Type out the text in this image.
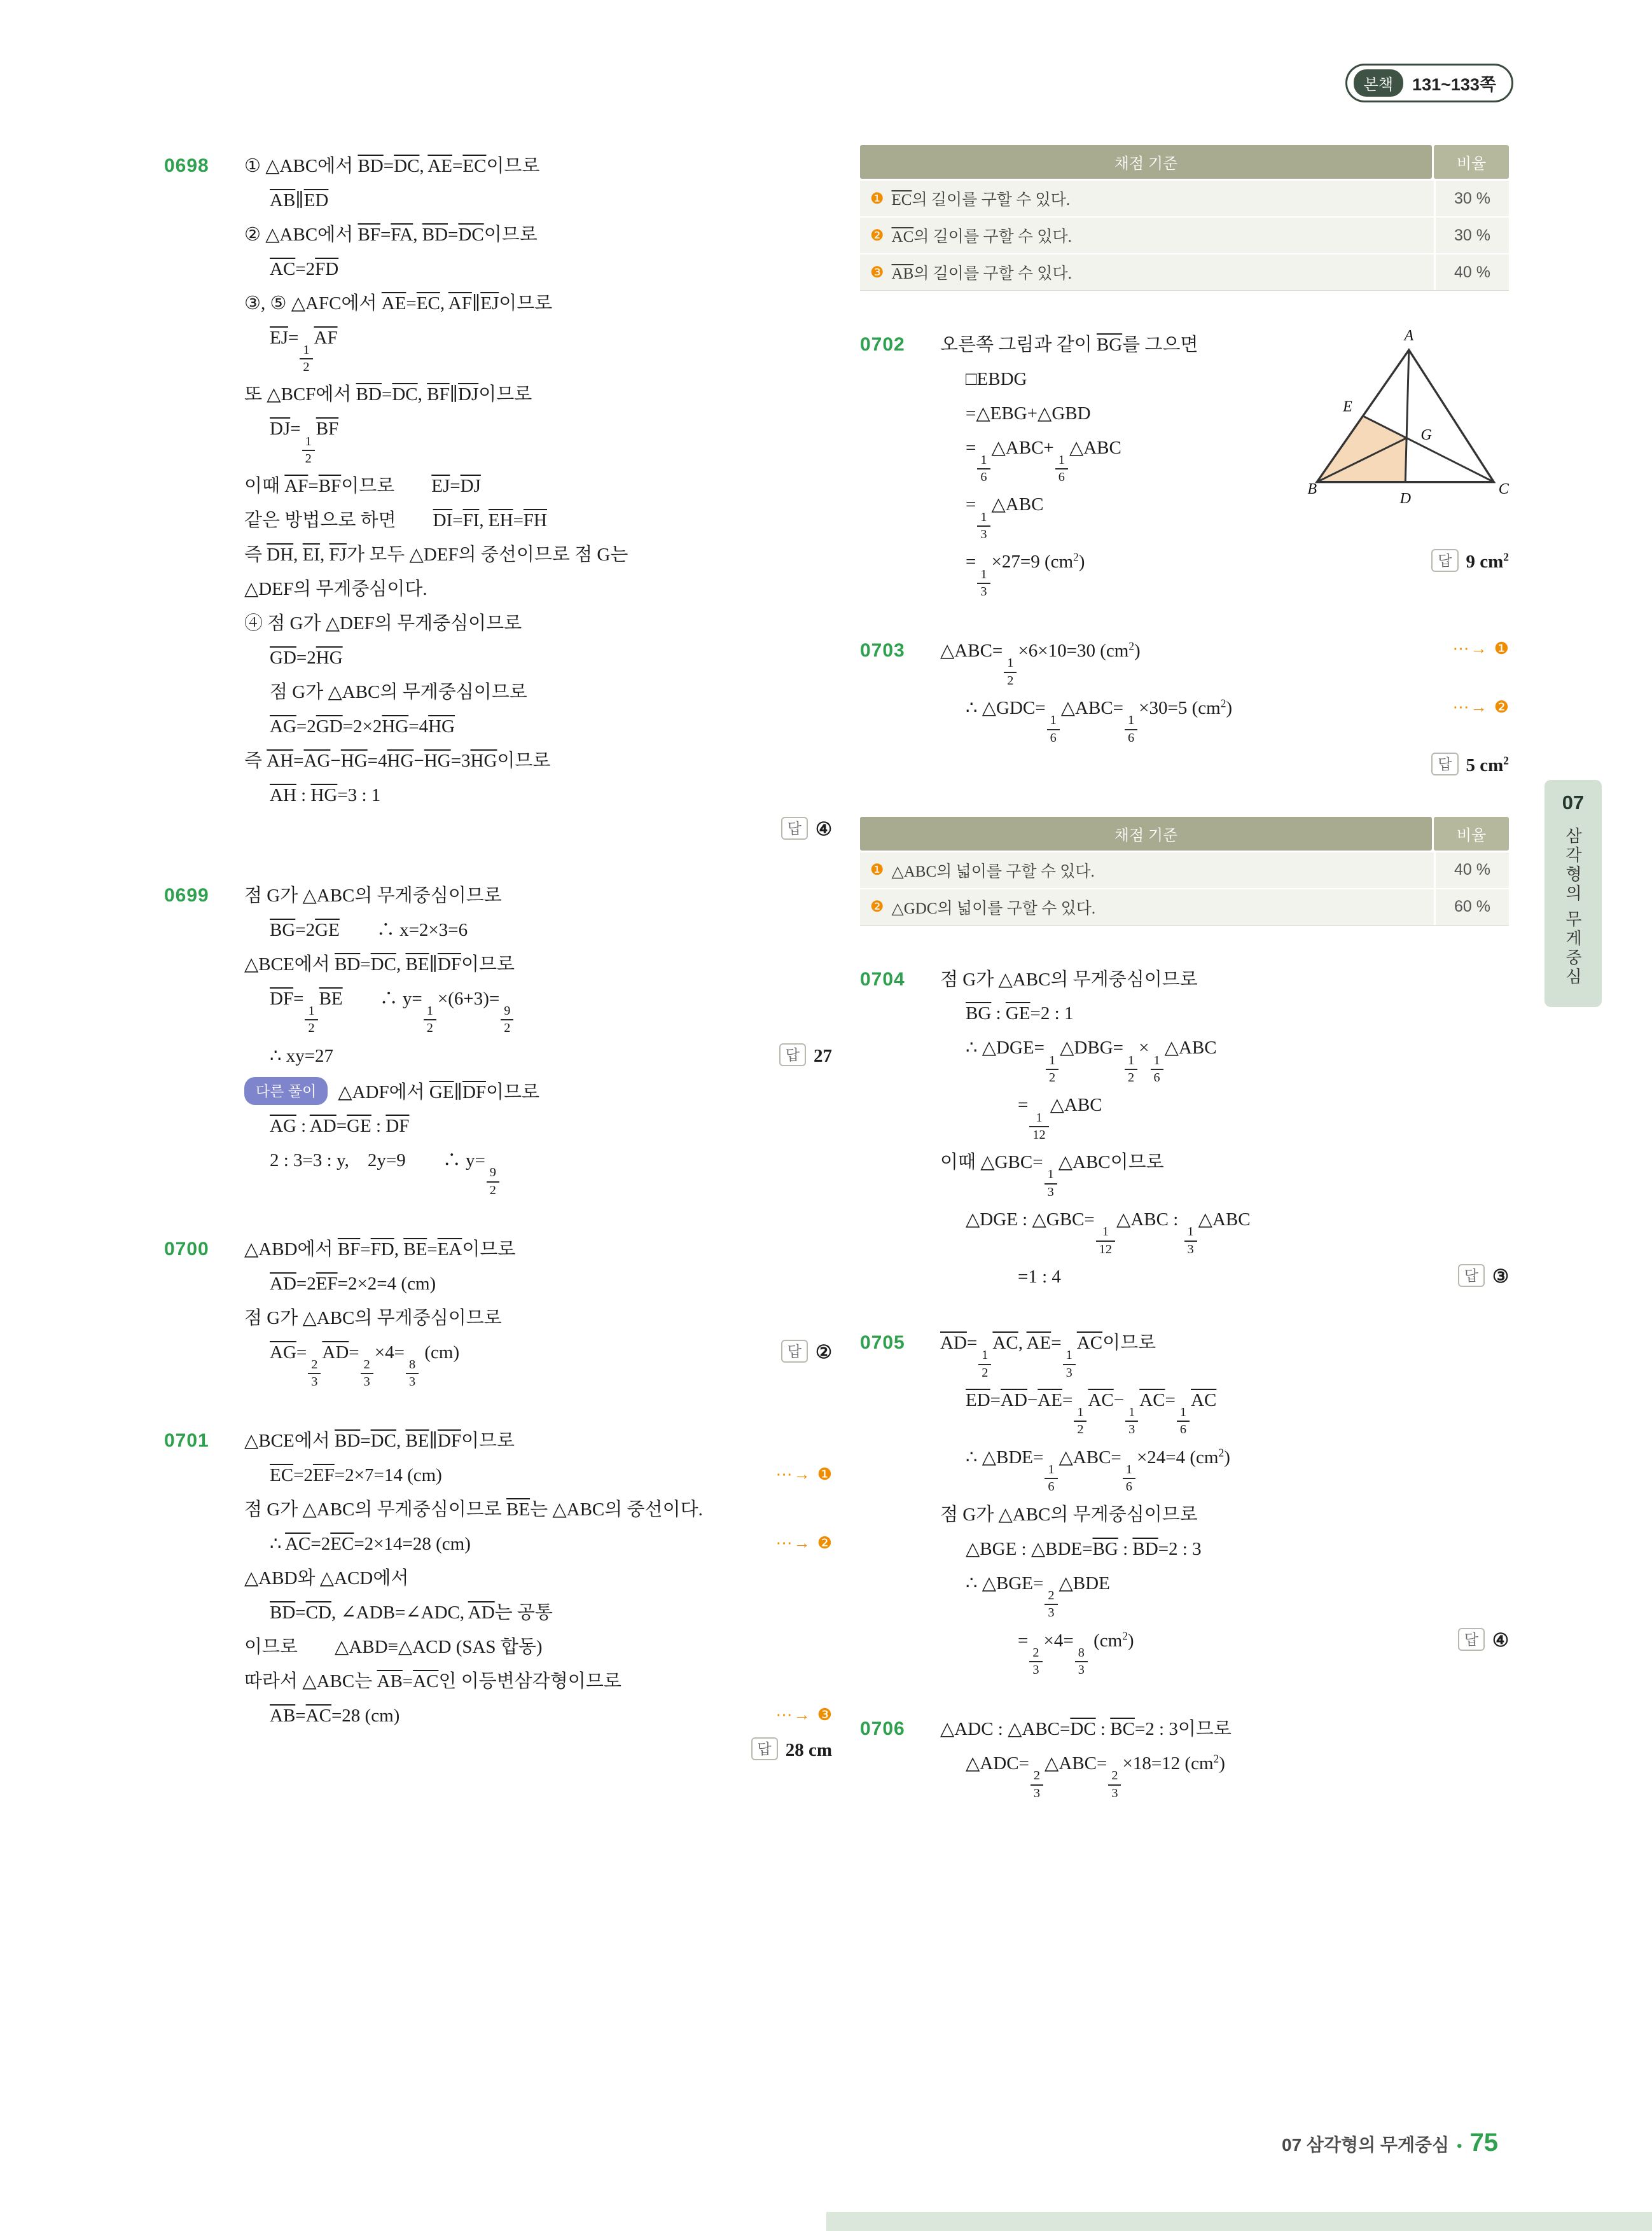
본책	131~133쪽
0698 ① △ABC에서 $\overline{BD}=\overline{DC}$, $\overline{AE}=\overline{EC}$이므로
$\overline{AB}\parallel\overline{ED}$
② △ABC에서 $\overline{BF}=\overline{FA}$, $\overline{BD}=\overline{DC}$이므로
$\overline{AC}=2\overline{FD}$
③, ⑤ △AFC에서 $\overline{AE}=\overline{EC}$, $\overline{AF}\parallel\overline{EJ}$이므로
$\overline{EJ}=$
$\frac{1}{2}$
$\overline{AF}$
또 △BCF에서 $\overline{BD}=\overline{DC}$, $\overline{BF}\parallel\overline{DJ}$이므로
$\overline{DJ}=$
$\frac{1}{2}$
$\overline{BF}$
이때 $\overline{AF}=\overline{BF}$이므로　　$\overline{EJ}=\overline{DJ}$
같은 방법으로 하면　　$\overline{DI}=\overline{FI}$, $\overline{EH}=\overline{FH}$
즉 $\overline{DH}$, $\overline{EI}$, $\overline{FJ}$가 모두 △DEF의 중선이므로 점 G는
△DEF의 무게중심이다.
④ 점 G가 △DEF의 무게중심이므로
$\overline{GD}=2\overline{HG}$
점 G가 △ABC의 무게중심이므로
$\overline{AG}=2\overline{GD}=2\times 2\overline{HG}=4\overline{HG}$
즉 $\overline{AH}=\overline{AG}-\overline{HG}=4\overline{HG}-\overline{HG}=3\overline{HG}$이므로
$\overline{AH}$ : $\overline{HG}=3$ : 1
답 ④
0699 점 G가 △ABC의 무게중심이므로
$\overline{BG}=2\overline{GE}$　　∴ x=2×3=6
△BCE에서 $\overline{BD}=\overline{DC}$, $\overline{BE}\parallel\overline{DF}$이므로
$\overline{DF}=$
$\frac{1}{2}$
$\overline{BE}$　　∴ y=
$\frac{1}{2}$
×(6+3)=
$\frac{9}{2}$
답 27
∴ xy=27
다른 풀이 △ADF에서 $\overline{GE}\parallel\overline{DF}$이므로
$\overline{AG}$ : $\overline{AD}=\overline{GE}$ : $\overline{DF}$
2 : 3=3 : y,　2y=9　　∴ y=
$\frac{9}{2}$
0700 △ABD에서 $\overline{BF}=\overline{FD}$, $\overline{BE}=\overline{EA}$이므로
$\overline{AD}=2\overline{EF}=2\times 2=4$ (cm)
점 G가 △ABC의 무게중심이므로
답 ②
$\overline{AG}=$
$\frac{2}{3}$
$\overline{AD}=$
$\frac{2}{3}$
×4=
$\frac{8}{3}$
(cm)
0701 △BCE에서 $\overline{BD}=\overline{DC}$, $\overline{BE}\parallel\overline{DF}$이므로
⋯→ ❶
$\overline{EC}=2\overline{EF}=2\times 7=14$ (cm)
점 G가 △ABC의 무게중심이므로 $\overline{BE}$는 △ABC의 중선이다.
⋯→ ❷
∴ $\overline{AC}=2\overline{EC}=2\times 14=28$ (cm)
△ABD와 △ACD에서
$\overline{BD}=\overline{CD}$, ∠ADB=∠ADC, $\overline{AD}$는 공통
이므로　　△ABD≡△ACD (SAS 합동)
따라서 △ABC는 $\overline{AB}=\overline{AC}$인 이등변삼각형이므로
⋯→ ❸
$\overline{AB}=\overline{AC}=28$ (cm)
답 28 cm
채점 기준	비율
❶ $\overline{EC}$의 길이를 구할 수 있다.	30 %
❷ $\overline{AC}$의 길이를 구할 수 있다.	30 %
❸ $\overline{AB}$의 길이를 구할 수 있다.	40 %
A
E
G
B
D
C
0702 오른쪽 그림과 같이 $\overline{BG}$를 그으면
□EBDG
=△EBG+△GBD
=
$\frac{1}{6}$
△ABC+
$\frac{1}{6}$
△ABC
=
$\frac{1}{3}$
△ABC
답 9 $cm^2$
=
$\frac{1}{3}$
×27=9 $(cm^2)$
⋯→ ❶
0703 △ABC=
$\frac{1}{2}$
×6×10=30 $(cm^2)$
⋯→ ❷
∴ △GDC=
$\frac{1}{6}$
△ABC=
$\frac{1}{6}$
×30=5 $(cm^2)$
답 5 $cm^2$
채점 기준	비율
❶ △ABC의 넓이를 구할 수 있다.	40 %
❷ △GDC의 넓이를 구할 수 있다.	60 %
0704 점 G가 △ABC의 무게중심이므로
$\overline{BG}$ : $\overline{GE}=2$ : 1
∴ △DGE=
$\frac{1}{2}$
△DBG=
$\frac{1}{2}$
×
$\frac{1}{6}$
△ABC
=
$\frac{1}{12}$
△ABC
이때 △GBC=
$\frac{1}{3}$
△ABC이므로
△DGE : △GBC=
$\frac{1}{12}$
△ABC :
$\frac{1}{3}$
△ABC
답 ③
=1 : 4
0705 $\overline{AD}=$
$\frac{1}{2}$
$\overline{AC}$, $\overline{AE}=$
$\frac{1}{3}$
$\overline{AC}$이므로
$\overline{ED}=\overline{AD}-\overline{AE}=$
$\frac{1}{2}$
$\overline{AC}-$
$\frac{1}{3}$
$\overline{AC}=$
$\frac{1}{6}$
$\overline{AC}$
∴ △BDE=
$\frac{1}{6}$
△ABC=
$\frac{1}{6}$
×24=4 $(cm^2)$
점 G가 △ABC의 무게중심이므로
△BGE : $\triangle BDE=\overline{BG}$ : $\overline{BD}=2$ : 3
∴ △BGE=
$\frac{2}{3}$
△BDE
답 ④
=
$\frac{2}{3}$
×4=
$\frac{8}{3}$
$(cm^2)$
0706 △ADC : $\triangle ABC=\overline{DC}$ : $\overline{BC}=2$ : 3이므로
△ADC=
$\frac{2}{3}$
△ABC=
$\frac{2}{3}$
×18=12 $(cm^2)$
07
삼각형의 무게중심
07 삼각형의 무게중심 • 75
